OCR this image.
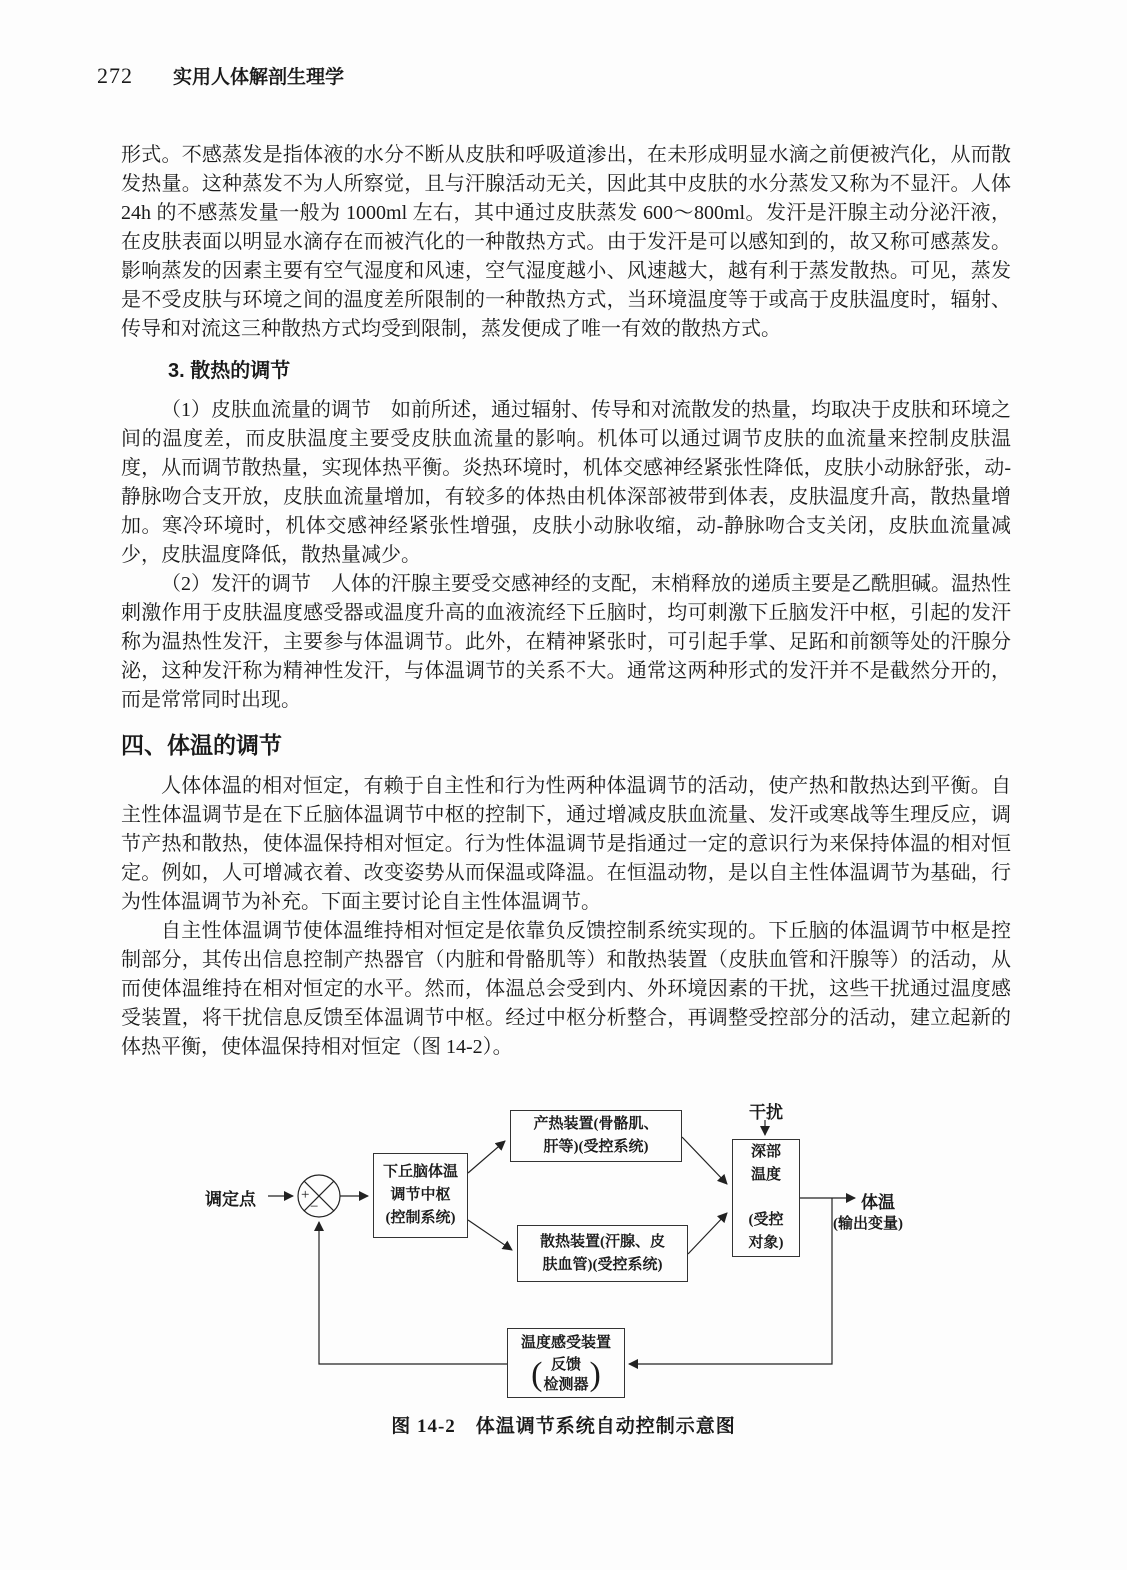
272 实用人体解剖生理学

形式。不感蒸发是指体液的水分不断从皮肤和呼吸道渗出，在未形成明显水滴之前便被汽化，从而散发热量。这种蒸发不为人所察觉，且与汗腺活动无关，因此其中皮肤的水分蒸发又称为不显汗。人体 24h 的不感蒸发量一般为 1000ml 左右，其中通过皮肤蒸发 600～800ml。发汗是汗腺主动分泌汗液，在皮肤表面以明显水滴存在而被汽化的一种散热方式。由于发汗是可以感知到的，故又称可感蒸发。影响蒸发的因素主要有空气湿度和风速，空气湿度越小、风速越大，越有利于蒸发散热。可见，蒸发是不受皮肤与环境之间的温度差所限制的一种散热方式，当环境温度等于或高于皮肤温度时，辐射、传导和对流这三种散热方式均受到限制，蒸发便成了唯一有效的散热方式。

3. 散热的调节

（1）皮肤血流量的调节　如前所述，通过辐射、传导和对流散发的热量，均取决于皮肤和环境之间的温度差，而皮肤温度主要受皮肤血流量的影响。机体可以通过调节皮肤的血流量来控制皮肤温度，从而调节散热量，实现体热平衡。炎热环境时，机体交感神经紧张性降低，皮肤小动脉舒张，动-静脉吻合支开放，皮肤血流量增加，有较多的体热由机体深部被带到体表，皮肤温度升高，散热量增加。寒冷环境时，机体交感神经紧张性增强，皮肤小动脉收缩，动-静脉吻合支关闭，皮肤血流量减少，皮肤温度降低，散热量减少。

（2）发汗的调节　人体的汗腺主要受交感神经的支配，末梢释放的递质主要是乙酰胆碱。温热性刺激作用于皮肤温度感受器或温度升高的血液流经下丘脑时，均可刺激下丘脑发汗中枢，引起的发汗称为温热性发汗，主要参与体温调节。此外，在精神紧张时，可引起手掌、足跖和前额等处的汗腺分泌，这种发汗称为精神性发汗，与体温调节的关系不大。通常这两种形式的发汗并不是截然分开的，而是常常同时出现。

四、体温的调节

人体体温的相对恒定，有赖于自主性和行为性两种体温调节的活动，使产热和散热达到平衡。自主性体温调节是在下丘脑体温调节中枢的控制下，通过增减皮肤血流量、发汗或寒战等生理反应，调节产热和散热，使体温保持相对恒定。行为性体温调节是指通过一定的意识行为来保持体温的相对恒定。例如，人可增减衣着、改变姿势从而保温或降温。在恒温动物，是以自主性体温调节为基础，行为性体温调节为补充。下面主要讨论自主性体温调节。

自主性体温调节使体温维持相对恒定是依靠负反馈控制系统实现的。下丘脑的体温调节中枢是控制部分，其传出信息控制产热器官（内脏和骨骼肌等）和散热装置（皮肤血管和汗腺等）的活动，从而使体温维持在相对恒定的水平。然而，体温总会受到内、外环境因素的干扰，这些干扰通过温度感受装置，将干扰信息反馈至体温调节中枢。经过中枢分析整合，再调整受控部分的活动，建立起新的体热平衡，使体温保持相对恒定（图 14-2）。

调定点	+
−
下丘脑体温
调节中枢
(控制系统)
产热装置(骨骼肌、
肝等)(受控系统)
散热装置(汗腺、皮
肤血管)(受控系统)
干扰
深部
温度
(受控
对象)
体温
(输出变量)
温度感受装置
( 反馈
检测器 )
图 14-2　体温调节系统自动控制示意图
